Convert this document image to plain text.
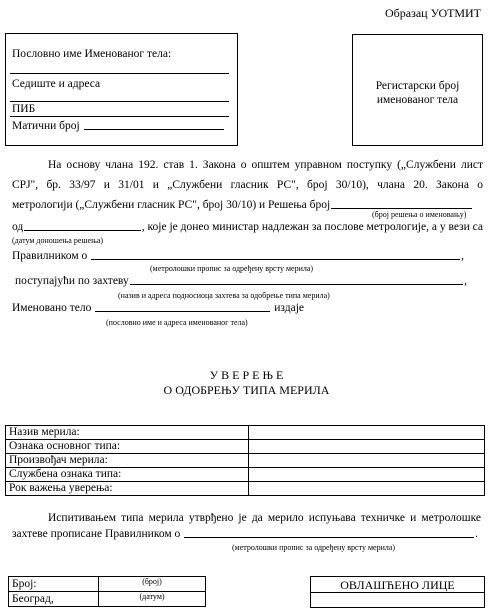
Образац УОТМИТ
Пословно име Именованог тела:
Седиште и адреса
ПИБ
Матични број
Регистарски број
именованог тела
На основу члана 192. став 1. Закона о општем управном поступку („Службени лист
СРЈ", бр. 33/97 и 31/01 и „Службени гласник РС", број 30/10), члана 20. Закона о
метрологији („Службени гласник РС", број 30/10) и Решења број
(број решења о именовању)
од	, које је донео министар надлежан за послове метрологије, а у вези са
(датум доношења решења)
Правилником о	,
(метролошки пропис за одређену врсту мерила)
поступајући по захтеву	,
(назив и адреса подносиоца захтева за одобрење типа мерила)
Именовано тело	издаје
(пословно име и адреса именованог тела)
У В Е Р Е Њ Е
О ОДОБРЕЊУ ТИПА МЕРИЛА
Назив мерила:	
Ознака основног типа:	
Произвођач мерила:	
Службена ознака типа:	
Рок важења уверења:	
Испитивањем типа мерила утврђено је да мерило испуњава техничке и метролошке
захтеве прописане Правилником о	.
(метролошки пропис за одређену врсту мерила)
Број:	(број)
Београд,	(датум)
ОВЛАШЋЕНО ЛИЦЕ
